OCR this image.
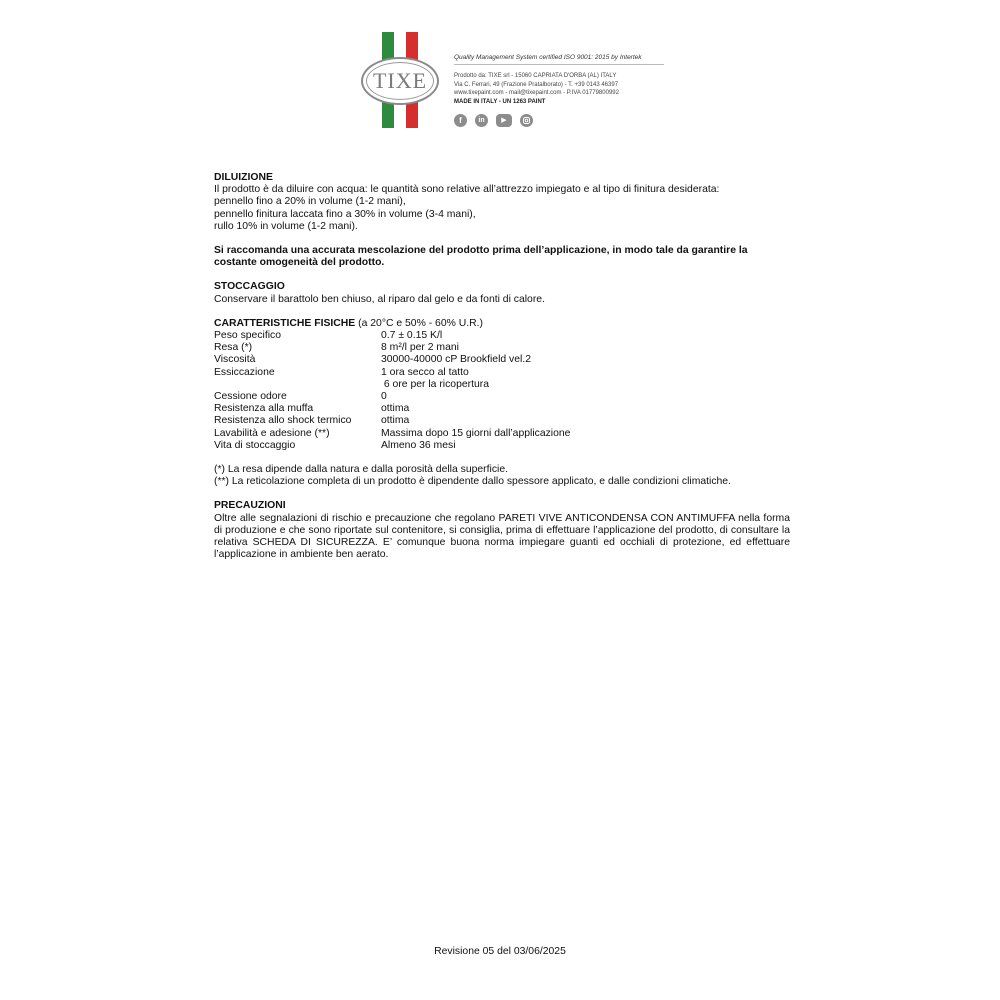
TIXE
Quality Management System certified ISO 9001: 2015 by Intertek
Prodotto da: TIXE srl - 15060 CAPRIATA D'ORBA (AL) ITALY
Via C. Ferrari, 49 (Frazione Pratalborato) - T. +39 0143 46397
www.tixepaint.com - mail@tixepaint.com - P.IVA 01779800992
MADE IN ITALY - UN 1263 PAINT
f	in	▶
DILUIZIONE
Il prodotto è da diluire con acqua: le quantità sono relative all’attrezzo impiegato e al tipo di finitura desiderata:
pennello fino a 20% in volume (1-2 mani),
pennello finitura laccata fino a 30% in volume (3-4 mani),
rullo 10% in volume (1-2 mani).
Si raccomanda una accurata mescolazione del prodotto prima dell’applicazione, in modo tale da garantire la
costante omogeneità del prodotto.
STOCCAGGIO
Conservare il barattolo ben chiuso, al riparo dal gelo e da fonti di calore.
CARATTERISTICHE FISICHE (a 20°C e 50% - 60% U.R.)
Peso specifico	0.7 ± 0.15 K/l
Resa (*)	8 m²/l per 2 mani
Viscosità	30000-40000 cP Brookfield vel.2
Essiccazione	1 ora secco al tatto
	6 ore per la ricopertura
Cessione odore	0
Resistenza alla muffa	ottima
Resistenza allo shock termico	ottima
Lavabilità e adesione (**)	Massima dopo 15 giorni dall’applicazione
Vita di stoccaggio	Almeno 36 mesi
(*) La resa dipende dalla natura e dalla porosità della superficie.
(**) La reticolazione completa di un prodotto è dipendente dallo spessore applicato, e dalle condizioni climatiche.
PRECAUZIONI
Oltre alle segnalazioni di rischio e precauzione che regolano PARETI VIVE ANTICONDENSA CON ANTIMUFFA nella forma di produzione e che sono riportate sul contenitore, si consiglia, prima di effettuare l’applicazione del prodotto, di consultare la relativa SCHEDA DI SICUREZZA. E’ comunque buona norma impiegare guanti ed occhiali di protezione, ed effettuare l’applicazione in ambiente ben aerato.
Revisione 05 del 03/06/2025
